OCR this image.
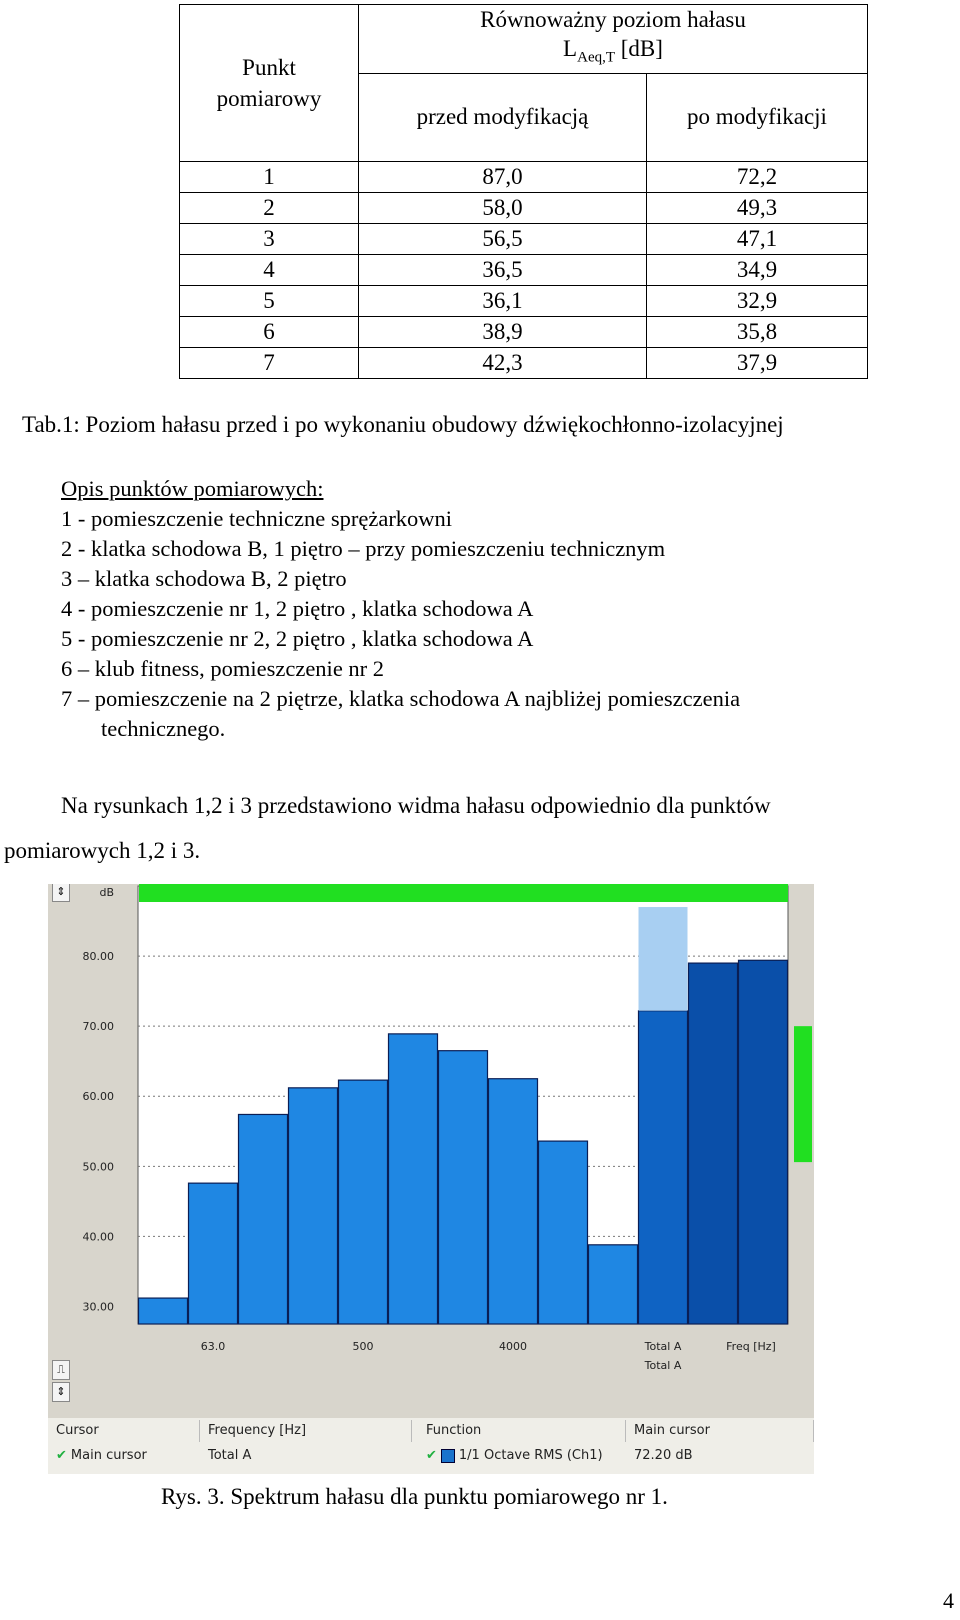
Punkt
pomiarowy	Równoważny poziom hałasu
$L_{Aeq,T}$ [dB]	
	przed modyfikacją	po modyfikacji
1	87,0	72,2
2	58,0	49,3
3	56,5	47,1
4	36,5	34,9
5	36,1	32,9
6	38,9	35,8
7	42,3	37,9
Tab.1: Poziom hałasu przed i po wykonaniu obudowy dźwiękochłonno-izolacyjnej
Opis punktów pomiarowych:
1 - pomieszczenie techniczne sprężarkowni
2 - klatka schodowa B, 1 piętro – przy pomieszczeniu technicznym
3 – klatka schodowa B, 2 piętro
4 - pomieszczenie nr 1, 2 piętro , klatka schodowa A
5 - pomieszczenie nr 2, 2 piętro , klatka schodowa A
6 – klub fitness, pomieszczenie nr 2
7 – pomieszczenie na 2 piętrze, klatka schodowa A najbliżej pomieszczenia
technicznego.
Na rysunkach 1,2 i 3 przedstawiono widma hałasu odpowiednio dla punktów
pomiarowych 1,2 i 3.
80.00
70.00
60.00
50.00
40.00
30.00
dB
63.0	500	4000	Total A	Freq [Hz]
Total A
⇕
⎍
⇕
Cursor	Frequency [Hz]	Function	Main cursor
✔ Main cursor	Total A	✔ 1/1 Octave RMS (Ch1)	72.20 dB
Rys. 3. Spektrum hałasu dla punktu pomiarowego nr 1.
4
